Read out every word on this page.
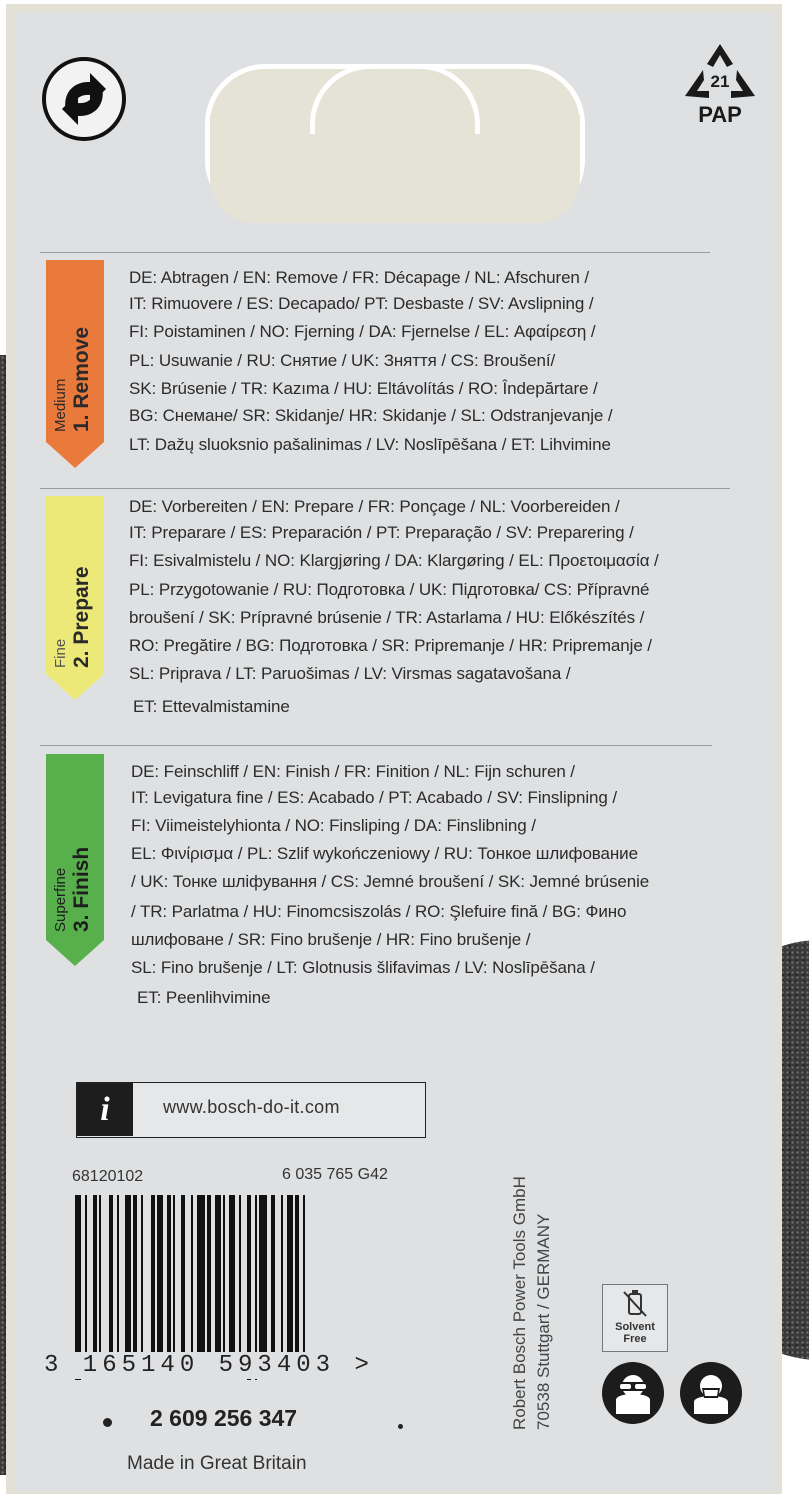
21
PAP
Medium 1. Remove
Fine 2. Prepare
Superfine 3. Finish
DE: Abtragen / EN: Remove / FR: Décapage / NL: Afschuren /
IT: Rimuovere / ES: Decapado/ PT: Desbaste / SV: Avslipning /
FI: Poistaminen / NO: Fjerning / DA: Fjernelse / EL: Αφαίρεση /
PL: Usuwanie / RU: Снятие / UK: Зняття / CS: Broušení/
SK: Brúsenie / TR: Kazıma / HU: Eltávolítás / RO: Îndepărtare /
BG: Снемане/ SR: Skidanje/ HR: Skidanje / SL: Odstranjevanje /
LT: Dažų sluoksnio pašalinimas / LV: Noslīpēšana / ET: Lihvimine
DE: Vorbereiten / EN: Prepare / FR: Ponçage / NL: Voorbereiden /
IT: Preparare / ES: Preparación / PT: Preparação / SV: Preparering /
FI: Esivalmistelu / NO: Klargjøring / DA: Klargøring / EL: Προετοιμασία /
PL: Przygotowanie / RU: Подготовка / UK: Підготовка/ CS: Přípravné
broušení / SK: Prípravné brúsenie / TR: Astarlama / HU: Előkészítés /
RO: Pregătire / BG: Подготовка / SR: Pripremanje / HR: Pripremanje /
SL: Priprava / LT: Paruošimas / LV: Virsmas sagatavošana /
ET: Ettevalmistamine
DE: Feinschliff / EN: Finish / FR: Finition / NL: Fijn schuren /
IT: Levigatura fine / ES: Acabado / PT: Acabado / SV: Finslipning /
FI: Viimeistelyhionta / NO: Finsliping / DA: Finslibning /
EL: Φινίρισμα / PL: Szlif wykończeniowy / RU: Тонкое шлифование
/ UK: Тонке шліфування / CS: Jemné broušení / SK: Jemné brúsenie
/ TR: Parlatma / HU: Finomcsiszolás / RO: Şlefuire fină / BG: Фино
шлифоване / SR: Fino brušenje / HR: Fino brušenje /
SL: Fino brušenje / LT: Glotnusis šlifavimas / LV: Noslīpēšana /
ET: Peenlihvimine
i	www.bosch-do-it.com
68120102	6 035 765 G42
3 165140 593403 >
2 609 256 347
Made in Great Britain
Robert Bosch Power Tools GmbH 70538 Stuttgart / GERMANY	Solvent
Free
